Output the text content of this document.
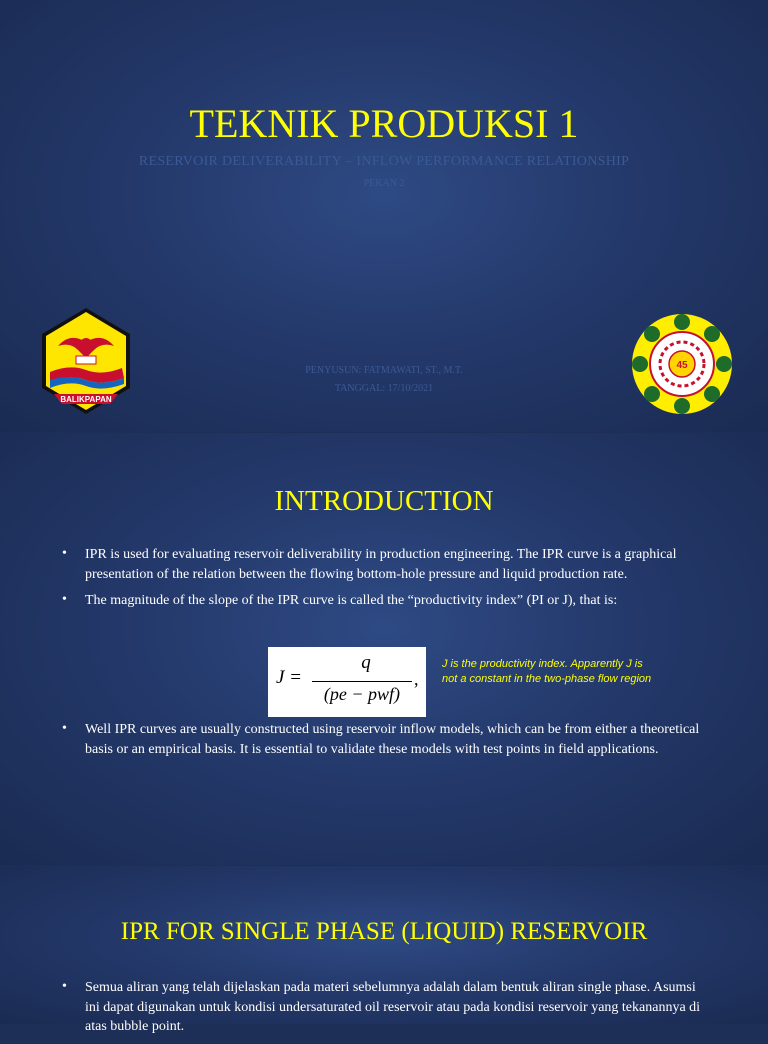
TEKNIK PRODUKSI 1
RESERVOIR DELIVERABILITY – INFLOW PERFORMANCE RELATIONSHIP
PEKAN 2
PENYUSUN: FATMAWATI, ST., M.T.
TANGGAL: 17/10/2021
BALIKPAPAN
45
INTRODUCTION
• IPR is used for evaluating reservoir deliverability in production engineering. The IPR curve is a graphical presentation of the relation between the flowing bottom-hole pressure and liquid production rate.
• The magnitude of the slope of the IPR curve is called the “productivity index” (PI or J), that is:
J =
q
(pe − pwf)
,
J is the productivity index. Apparently J is not a constant in the two-phase flow region
• Well IPR curves are usually constructed using reservoir inflow models, which can be from either a theoretical basis or an empirical basis. It is essential to validate these models with test points in field applications.
IPR FOR SINGLE PHASE (LIQUID) RESERVOIR
• Semua aliran yang telah dijelaskan pada materi sebelumnya adalah dalam bentuk aliran single phase. Asumsi ini dapat digunakan untuk kondisi undersaturated oil reservoir atau pada kondisi reservoir yang tekanannya di atas bubble point.
